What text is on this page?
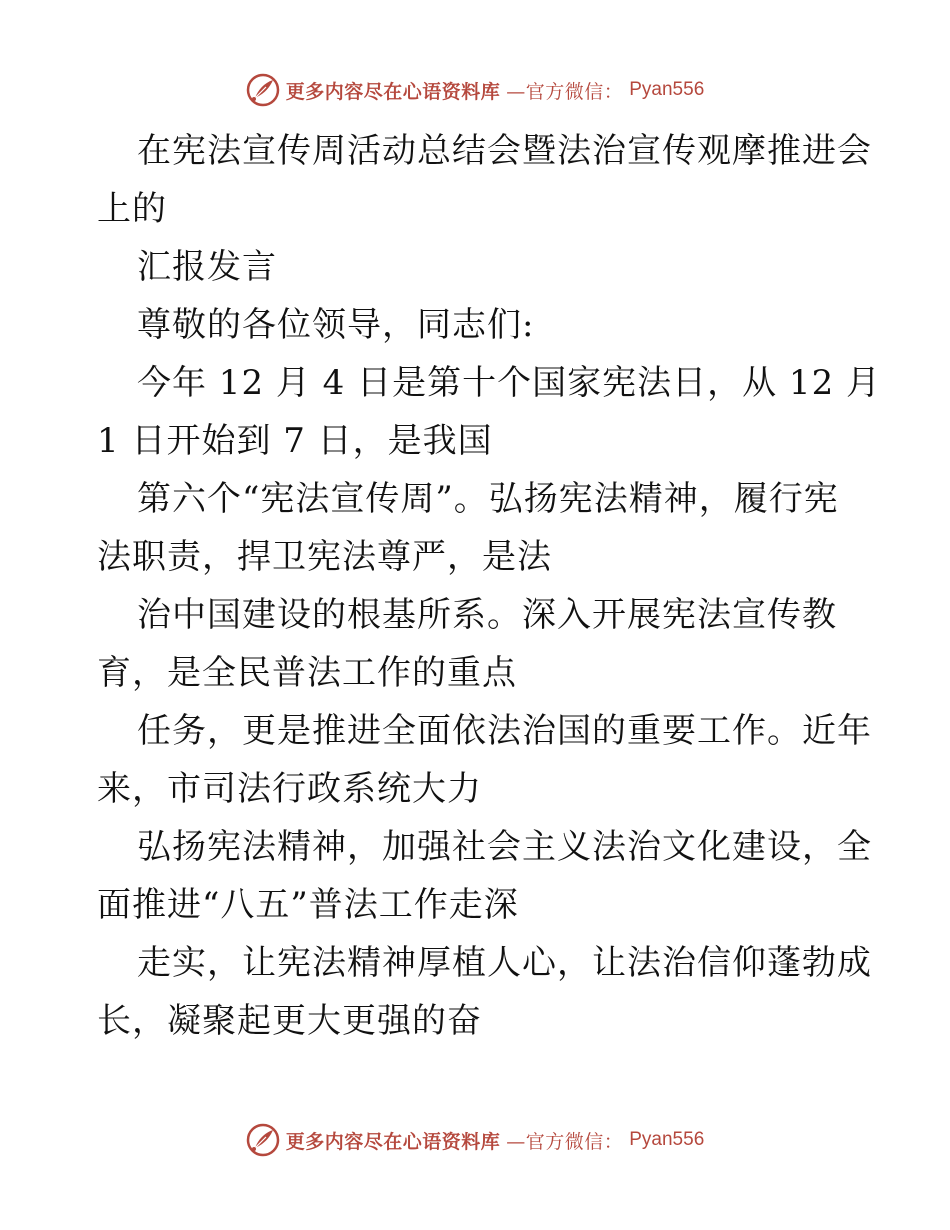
更多内容尽在心语资料库 —官方微信： Pyan556
在宪法宣传周活动总结会暨法治宣传观摩推进会
上的
汇报发言
尊敬的各位领导，同志们:
今年 12 月 4 日是第十个国家宪法日，从 12 月
1 日开始到 7 日，是我国
第六个“宪法宣传周”。弘扬宪法精神，履行宪
法职责，捍卫宪法尊严，是法
治中国建设的根基所系。深入开展宪法宣传教
育，是全民普法工作的重点
任务，更是推进全面依法治国的重要工作。近年
来，市司法行政系统大力
弘扬宪法精神，加强社会主义法治文化建设，全
面推进“八五”普法工作走深
走实，让宪法精神厚植人心，让法治信仰蓬勃成
长，凝聚起更大更强的奋
更多内容尽在心语资料库 —官方微信： Pyan556
